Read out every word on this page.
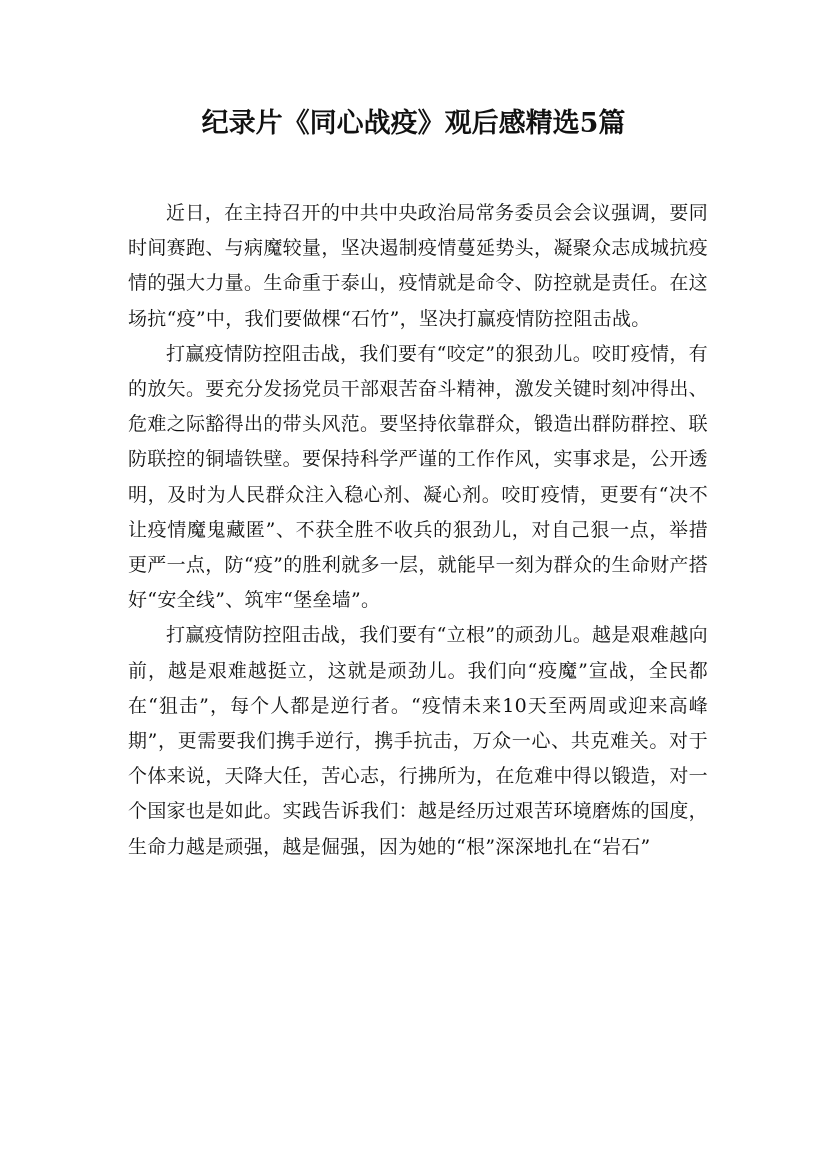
纪录片《同心战疫》观后感精选5篇

近日，在主持召开的中共中央政治局常务委员会会议强调，要同时间赛跑、与病魔较量，坚决遏制疫情蔓延势头，凝聚众志成城抗疫情的强大力量。生命重于泰山，疫情就是命令、防控就是责任。在这场抗“疫”中，我们要做棵“石竹”，坚决打赢疫情防控阻击战。

打赢疫情防控阻击战，我们要有“咬定”的狠劲儿。咬盯疫情，有的放矢。要充分发扬党员干部艰苦奋斗精神，激发关键时刻冲得出、危难之际豁得出的带头风范。要坚持依靠群众，锻造出群防群控、联防联控的铜墙铁壁。要保持科学严谨的工作作风，实事求是，公开透明，及时为人民群众注入稳心剂、凝心剂。咬盯疫情，更要有“决不让疫情魔鬼藏匿”、不获全胜不收兵的狠劲儿，对自己狠一点，举措更严一点，防“疫”的胜利就多一层，就能早一刻为群众的生命财产搭好“安全线”、筑牢“堡垒墙”。

打赢疫情防控阻击战，我们要有“立根”的顽劲儿。越是艰难越向前，越是艰难越挺立，这就是顽劲儿。我们向“疫魔”宣战，全民都在“狙击”，每个人都是逆行者。“疫情未来10天至两周或迎来高峰期”，更需要我们携手逆行，携手抗击，万众一心、共克难关。对于个体来说，天降大任，苦心志，行拂所为，在危难中得以锻造，对一个国家也是如此。实践告诉我们：越是经历过艰苦环境磨炼的国度，生命力越是顽强，越是倔强，因为她的“根”深深地扎在“岩石”
